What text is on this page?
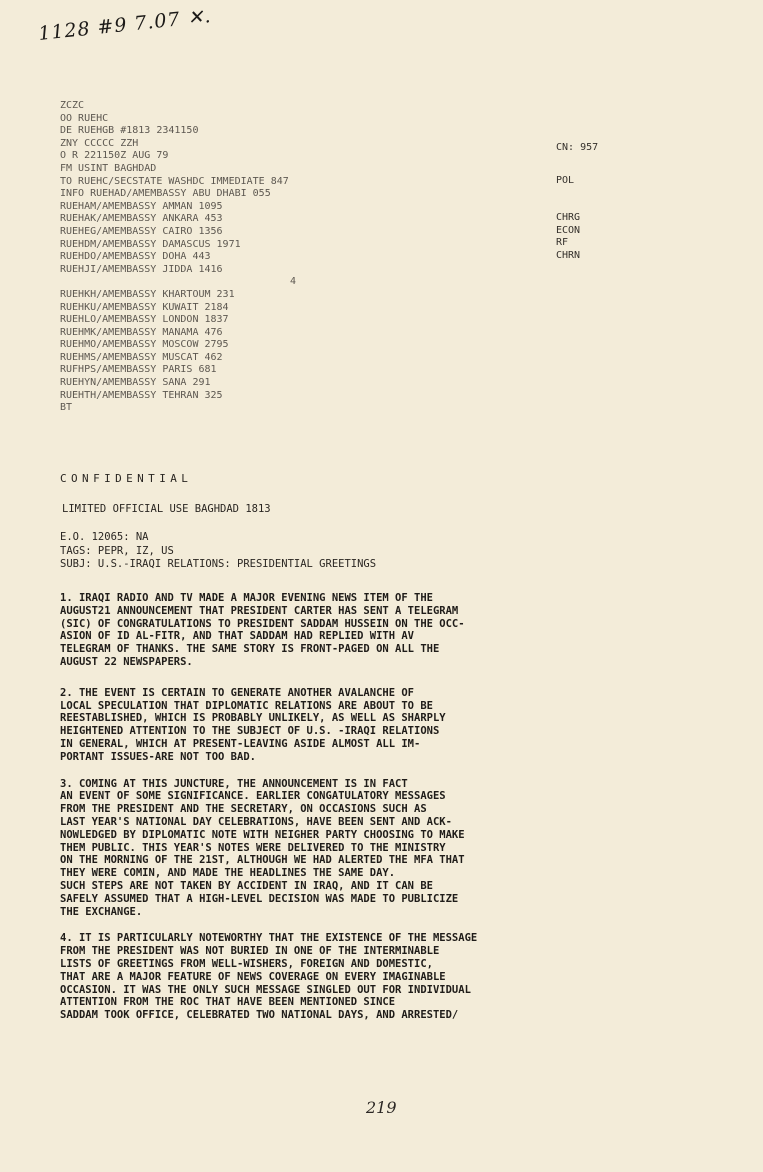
1128 #9 7.07 ✕.
ZCZC
OO RUEHC
DE RUEHGB #1813 2341150
ZNY CCCCC ZZH
O R 221150Z AUG 79
FM USINT BAGHDAD
TO RUEHC/SECSTATE WASHDC IMMEDIATE 847
INFO RUEHAD/AMEMBASSY ABU DHABI 055
RUEHAM/AMEMBASSY AMMAN 1095
RUEHAK/AMEMBASSY ANKARA 453
RUEHEG/AMEMBASSY CAIRO 1356
RUEHDM/AMEMBASSY DAMASCUS 1971
RUEHDO/AMEMBASSY DOHA 443
RUEHJI/AMEMBASSY JIDDA 1416
4
RUEHKH/AMEMBASSY KHARTOUM 231
RUEHKU/AMEMBASSY KUWAIT 2184
RUEHLO/AMEMBASSY LONDON 1837
RUEHMK/AMEMBASSY MANAMA 476
RUEHMO/AMEMBASSY MOSCOW 2795
RUEHMS/AMEMBASSY MUSCAT 462
RUFHPS/AMEMBASSY PARIS 681
RUEHYN/AMEMBASSY SANA 291
RUEHTH/AMEMBASSY TEHRAN 325
BT
CN: 957
POL
CHRG
ECON
RF
CHRN
CONFIDENTIAL
LIMITED OFFICIAL USE BAGHDAD 1813
E.O. 12065: NA
TAGS: PEPR, IZ, US
SUBJ: U.S.-IRAQI RELATIONS: PRESIDENTIAL GREETINGS
1. IRAQI RADIO AND TV MADE A MAJOR EVENING NEWS ITEM OF THE
AUGUST21 ANNOUNCEMENT THAT PRESIDENT CARTER HAS SENT A TELEGRAM
(SIC) OF CONGRATULATIONS TO PRESIDENT SADDAM HUSSEIN ON THE OCC-
ASION OF ID AL-FITR, AND THAT SADDAM HAD REPLIED WITH AV
TELEGRAM OF THANKS. THE SAME STORY IS FRONT-PAGED ON ALL THE
AUGUST 22 NEWSPAPERS.
2. THE EVENT IS CERTAIN TO GENERATE ANOTHER AVALANCHE OF
LOCAL SPECULATION THAT DIPLOMATIC RELATIONS ARE ABOUT TO BE
REESTABLISHED, WHICH IS PROBABLY UNLIKELY, AS WELL AS SHARPLY
HEIGHTENED ATTENTION TO THE SUBJECT OF U.S. -IRAQI RELATIONS
IN GENERAL, WHICH AT PRESENT-LEAVING ASIDE ALMOST ALL IM-
PORTANT ISSUES-ARE NOT TOO BAD.
3. COMING AT THIS JUNCTURE, THE ANNOUNCEMENT IS IN FACT
AN EVENT OF SOME SIGNIFICANCE. EARLIER CONGATULATORY MESSAGES
FROM THE PRESIDENT AND THE SECRETARY, ON OCCASIONS SUCH AS
LAST YEAR'S NATIONAL DAY CELEBRATIONS, HAVE BEEN SENT AND ACK-
NOWLEDGED BY DIPLOMATIC NOTE WITH NEIGHER PARTY CHOOSING TO MAKE
THEM PUBLIC. THIS YEAR'S NOTES WERE DELIVERED TO THE MINISTRY
ON THE MORNING OF THE 21ST, ALTHOUGH WE HAD ALERTED THE MFA THAT
THEY WERE COMIN, AND MADE THE HEADLINES THE SAME DAY.
SUCH STEPS ARE NOT TAKEN BY ACCIDENT IN IRAQ, AND IT CAN BE
SAFELY ASSUMED THAT A HIGH-LEVEL DECISION WAS MADE TO PUBLICIZE
THE EXCHANGE.
4. IT IS PARTICULARLY NOTEWORTHY THAT THE EXISTENCE OF THE MESSAGE
FROM THE PRESIDENT WAS NOT BURIED IN ONE OF THE INTERMINABLE
LISTS OF GREETINGS FROM WELL-WISHERS, FOREIGN AND DOMESTIC,
THAT ARE A MAJOR FEATURE OF NEWS COVERAGE ON EVERY IMAGINABLE
OCCASION. IT WAS THE ONLY SUCH MESSAGE SINGLED OUT FOR INDIVIDUAL
ATTENTION FROM THE ROC THAT HAVE BEEN MENTIONED SINCE
SADDAM TOOK OFFICE, CELEBRATED TWO NATIONAL DAYS, AND ARRESTED/
219
